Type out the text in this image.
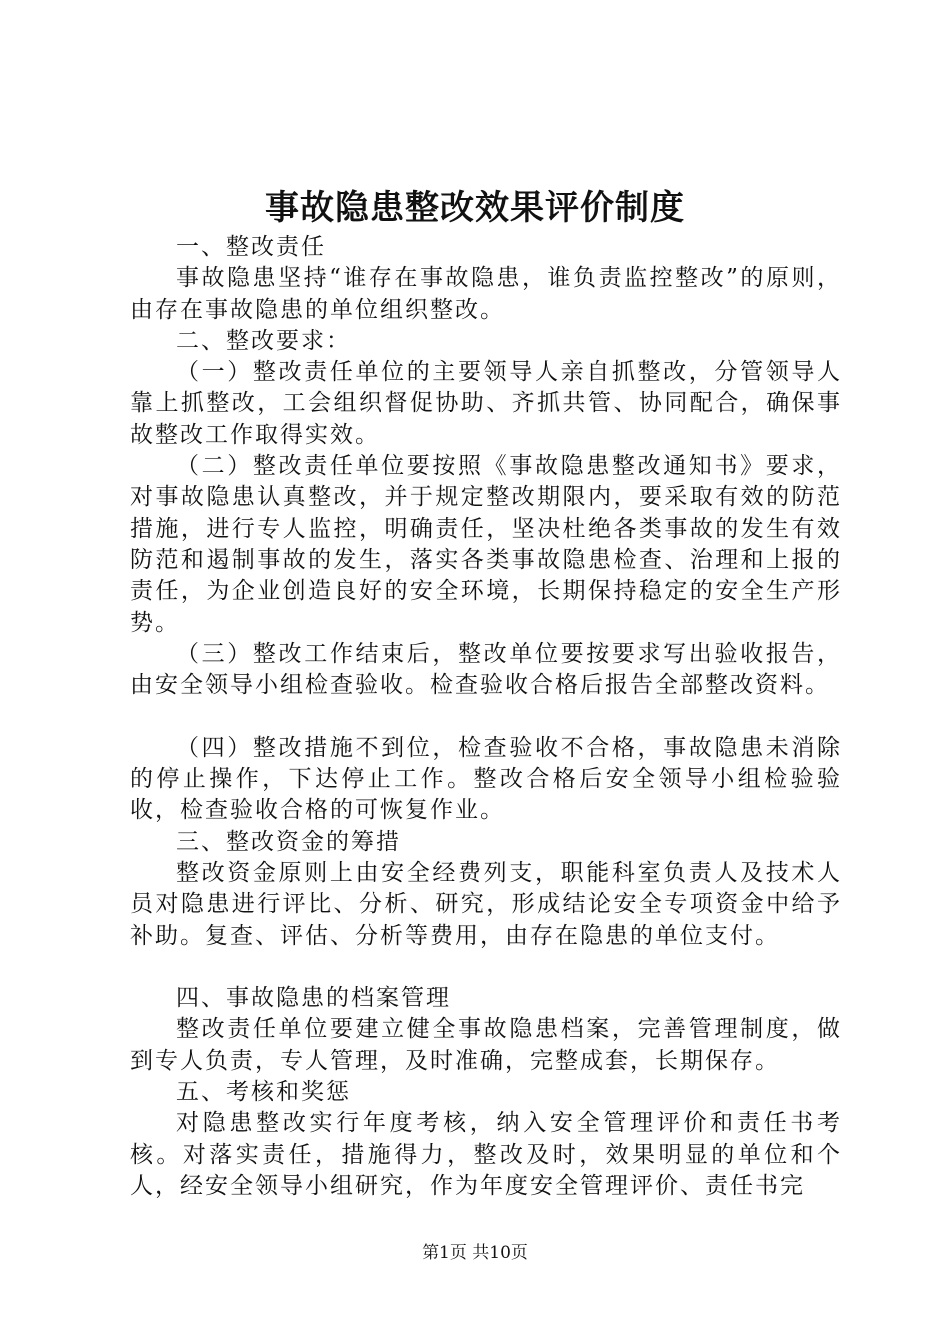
事故隐患整改效果评价制度
一、整改责任

事故隐患坚持“谁存在事故隐患，谁负责监控整改”的原则，由存在事故隐患的单位组织整改。

二、整改要求：

（一）整改责任单位的主要领导人亲自抓整改，分管领导人靠上抓整改，工会组织督促协助、齐抓共管、协同配合，确保事故整改工作取得实效。

（二）整改责任单位要按照《事故隐患整改通知书》要求，对事故隐患认真整改，并于规定整改期限内，要采取有效的防范措施，进行专人监控，明确责任，坚决杜绝各类事故的发生有效防范和遏制事故的发生，落实各类事故隐患检查、治理和上报的责任，为企业创造良好的安全环境，长期保持稳定的安全生产形势。

（三）整改工作结束后，整改单位要按要求写出验收报告，由安全领导小组检查验收。检查验收合格后报告全部整改资料。

（四）整改措施不到位，检查验收不合格，事故隐患未消除的停止操作，下达停止工作。整改合格后安全领导小组检验验收，检查验收合格的可恢复作业。

三、整改资金的筹措

整改资金原则上由安全经费列支，职能科室负责人及技术人员对隐患进行评比、分析、研究，形成结论安全专项资金中给予补助。复查、评估、分析等费用，由存在隐患的单位支付。

四、事故隐患的档案管理

整改责任单位要建立健全事故隐患档案，完善管理制度，做到专人负责，专人管理，及时准确，完整成套，长期保存。

五、考核和奖惩

对隐患整改实行年度考核，纳入安全管理评价和责任书考核。对落实责任，措施得力，整改及时，效果明显的单位和个人，经安全领导小组研究，作为年度安全管理评价、责任书完

第1页 共10页
